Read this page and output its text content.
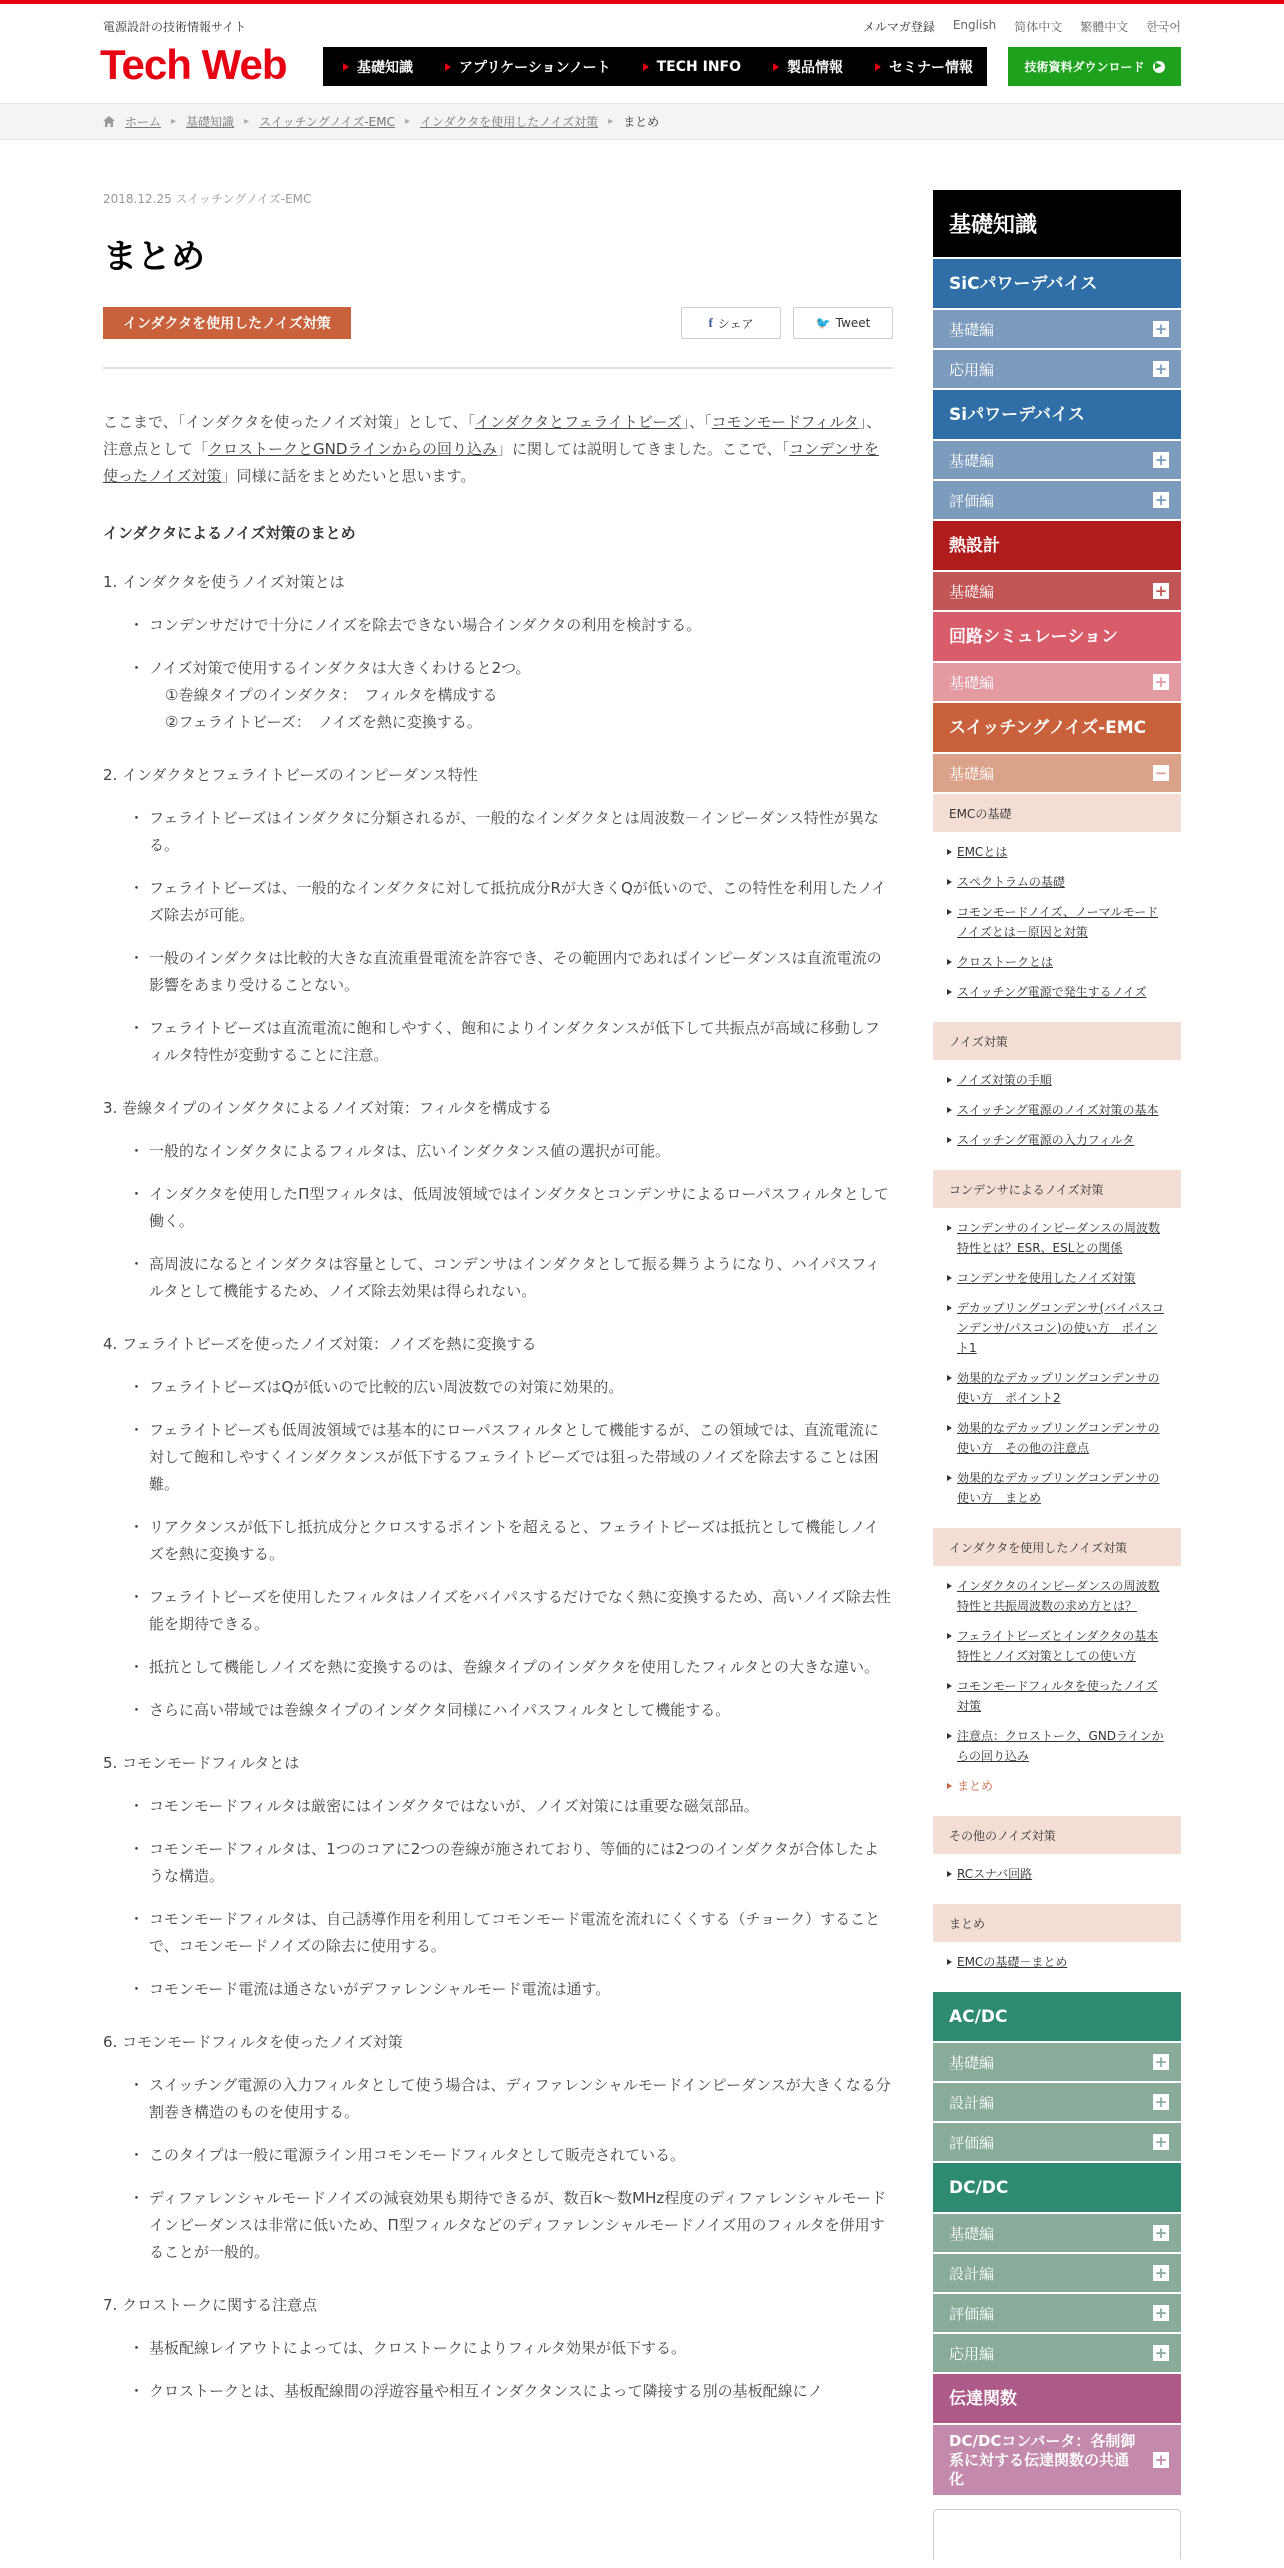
電源設計の技術情報サイト
Tech Web
メルマガ登録 English 简体中文 繁體中文 한국어
基礎知識	アプリケーションノート	TECH INFO	製品情報	セミナー情報	技術資料ダウンロード ▶
ホーム ▸ 基礎知識 ▸ スイッチングノイズ-EMC ▸ インダクタを使用したノイズ対策 ▸ まとめ
2018.12.25 スイッチングノイズ-EMC
まとめ
インダクタを使用したノイズ対策	f シェア	🐦 Tweet

ここまで、「インダクタを使ったノイズ対策」として、「インダクタとフェライトビーズ」、「コモンモードフィルタ」、注意点として「クロストークとGNDラインからの回り込み」に関しては説明してきました。ここで、「コンデンサを使ったノイズ対策」同様に話をまとめたいと思います。

インダクタによるノイズ対策のまとめ
1. インダクタを使うノイズ対策とは
・ コンデンサだけで十分にノイズを除去できない場合インダクタの利用を検討する。
・ ノイズ対策で使用するインダクタは大きくわけると2つ。
①巻線タイプのインダクタ：　フィルタを構成する
②フェライトビーズ：　ノイズを熱に変換する。
2. インダクタとフェライトビーズのインピーダンス特性
・ フェライトビーズはインダクタに分類されるが、一般的なインダクタとは周波数－インピーダンス特性が異なる。
・ フェライトビーズは、一般的なインダクタに対して抵抗成分Rが大きくQが低いので、この特性を利用したノイズ除去が可能。
・ 一般のインダクタは比較的大きな直流重畳電流を許容でき、その範囲内であればインピーダンスは直流電流の影響をあまり受けることない。
・ フェライトビーズは直流電流に飽和しやすく、飽和によりインダクタンスが低下して共振点が高域に移動しフィルタ特性が変動することに注意。
3. 巻線タイプのインダクタによるノイズ対策：フィルタを構成する
・ 一般的なインダクタによるフィルタは、広いインダクタンス値の選択が可能。
・ インダクタを使用したΠ型フィルタは、低周波領域ではインダクタとコンデンサによるローパスフィルタとして働く。
・ 高周波になるとインダクタは容量として、コンデンサはインダクタとして振る舞うようになり、ハイパスフィルタとして機能するため、ノイズ除去効果は得られない。
4. フェライトビーズを使ったノイズ対策：ノイズを熱に変換する
・ フェライトビーズはQが低いので比較的広い周波数での対策に効果的。
・ フェライトビーズも低周波領域では基本的にローパスフィルタとして機能するが、この領域では、直流電流に対して飽和しやすくインダクタンスが低下するフェライトビーズでは狙った帯域のノイズを除去することは困難。
・ リアクタンスが低下し抵抗成分とクロスするポイントを超えると、フェライトビーズは抵抗として機能しノイズを熱に変換する。
・ フェライトビーズを使用したフィルタはノイズをバイパスするだけでなく熱に変換するため、高いノイズ除去性能を期待できる。
・ 抵抗として機能しノイズを熱に変換するのは、巻線タイプのインダクタを使用したフィルタとの大きな違い。
・ さらに高い帯域では巻線タイプのインダクタ同様にハイパスフィルタとして機能する。
5. コモンモードフィルタとは
・ コモンモードフィルタは厳密にはインダクタではないが、ノイズ対策には重要な磁気部品。
・ コモンモードフィルタは、1つのコアに2つの巻線が施されており、等価的には2つのインダクタが合体したような構造。
・ コモンモードフィルタは、自己誘導作用を利用してコモンモード電流を流れにくくする（チョーク）することで、コモンモードノイズの除去に使用する。
・ コモンモード電流は通さないがデファレンシャルモード電流は通す。
6. コモンモードフィルタを使ったノイズ対策
・ スイッチング電源の入力フィルタとして使う場合は、ディファレンシャルモードインピーダンスが大きくなる分割巻き構造のものを使用する。
・ このタイプは一般に電源ライン用コモンモードフィルタとして販売されている。
・ ディファレンシャルモードノイズの減衰効果も期待できるが、数百k～数MHz程度のディファレンシャルモードインピーダンスは非常に低いため、Π型フィルタなどのディファレンシャルモードノイズ用のフィルタを併用することが一般的。
7. クロストークに関する注意点
・ 基板配線レイアウトによっては、クロストークによりフィルタ効果が低下する。
・ クロストークとは、基板配線間の浮遊容量や相互インダクタンスによって隣接する別の基板配線にノ
基礎知識
SiCパワーデバイス
基礎編	+
応用編	+
Siパワーデバイス
基礎編	+
評価編	+
熱設計
基礎編	+
回路シミュレーション
基礎編	+
スイッチングノイズ-EMC
基礎編	−
EMCの基礎
EMCとは
スペクトラムの基礎
コモンモードノイズ、ノーマルモードノイズとは－原因と対策
クロストークとは
スイッチング電源で発生するノイズ
ノイズ対策
ノイズ対策の手順
スイッチング電源のノイズ対策の基本
スイッチング電源の入力フィルタ
コンデンサによるノイズ対策
コンデンサのインピーダンスの周波数特性とは？ESR、ESLとの関係
コンデンサを使用したノイズ対策
デカップリングコンデンサ(バイパスコンデンサ/パスコン)の使い方　ポイント1
効果的なデカップリングコンデンサの使い方　ポイント2
効果的なデカップリングコンデンサの使い方　その他の注意点
効果的なデカップリングコンデンサの使い方　まとめ
インダクタを使用したノイズ対策
インダクタのインピーダンスの周波数特性と共振周波数の求め方とは？
フェライトビーズとインダクタの基本特性とノイズ対策としての使い方
コモンモードフィルタを使ったノイズ対策
注意点：クロストーク、GNDラインからの回り込み
まとめ
その他のノイズ対策
RCスナバ回路
まとめ
EMCの基礎－まとめ
AC/DC
基礎編	+
設計編	+
評価編	+
DC/DC
基礎編	+
設計編	+
評価編	+
応用編	+
伝達関数
DC/DCコンバータ：各制御系に対する伝達関数の共通化
+
